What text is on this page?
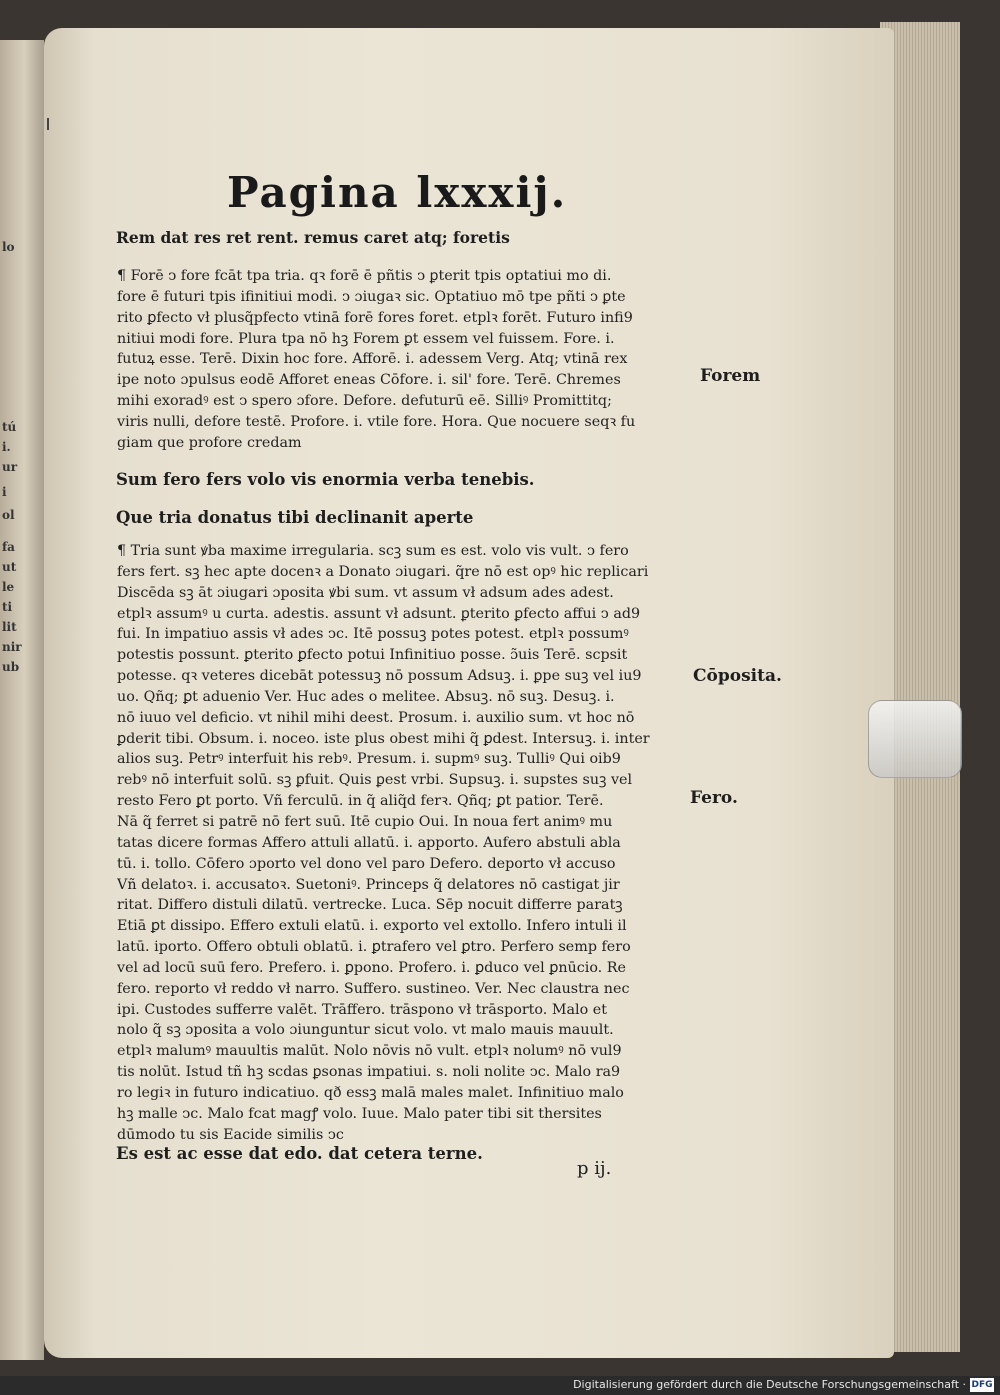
lo
tú
i.
ur
i
ol
fa
ut
le
ti
lit
nir
ub

Pagina lxxxij.

Rem dat res ret rent. remus caret atq; foretis

¶ Forē ↄ fore fcāt tpa tria. qꝛ forē ē pñtis ↄ ꝑterit tpis optatiui mo di.
fore ē futuri tpis ifinitiui modi. ↄ ɔiugaꝛ sic. Optatiuo mō tpe pñti ↄ ꝑte
rito ꝑfecto vł plusq̃pfecto vtinā forē fores foret. etplꝛ forēt. Futuro infi9
nitiui modi fore. Plura tpa nō hꝫ Forem ꝑt essem vel fuissem. Fore. i.
futuꝝ esse. Terē. Dixin hoc fore. Afforē. i. adessem Verg. Atq; vtinā rex
ipe noto ɔpulsus eodē Afforet eneas Cōfore. i. sil' fore. Terē. Chremes
mihi exoradꝰ est ↄ spero ɔfore. Defore. defuturū eē. Silliꝰ Promittitq;
viris nulli, defore testē. Profore. i. vtile fore. Hora. Que nocuere seqꝛ fu
giam que profore credam

Sum fero fers volo vis enormia verba tenebis.

Que tria donatus tibi declinanit aperte

¶ Tria sunt ꝟba maxime irregularia. scꝫ sum es est. volo vis vult. ↄ fero
fers fert. sꝫ hec apte docenꝛ a Donato ɔiugari. q̃re nō est opꝰ hic replicari
Discēda sꝫ āt ɔiugari ɔposita ꝟbi sum. vt assum vł adsum ades adest.
etplꝛ assumꝰ u curta. adestis. assunt vł adsunt. ꝑterito ꝑfecto affui ↄ ad9
fui. In impatiuo assis vł ades ↄc. Itē possuꝫ potes potest. etplꝛ possumꝰ
potestis possunt. ꝑterito ꝑfecto potui Infinitiuo posse. ɔ̃uis Terē. scpsit
potesse. qꝛ veteres dicebāt potessuꝫ nō possum Adsuꝫ. i. ꝑpe suꝫ vel iu9
uo. Qñq; ꝑt aduenio Ver. Huc ades o melitee. Absuꝫ. nō suꝫ. Desuꝫ. i.
nō iuuo vel deficio. vt nihil mihi deest. Prosum. i. auxilio sum. vt hoc nō
ꝑderit tibi. Obsum. i. noceo. iste plus obest mihi q̃ ꝑdest. Intersuꝫ. i. inter
alios suꝫ. Petrꝰ interfuit his rebꝰ. Presum. i. supmꝰ suꝫ. Tulliꝰ Qui oib9
rebꝰ nō interfuit solū. sꝫ ꝑfuit. Quis ꝑest vrbi. Supsuꝫ. i. supstes suꝫ vel
resto Fero ꝑt porto. Vñ ferculū. in q̃ aliq̃d ferꝛ. Qñq; ꝑt patior. Terē.
Nā q̃ ferret si patrē nō fert suū. Itē cupio Oui. In noua fert animꝰ mu
tatas dicere formas Affero attuli allatū. i. apporto. Aufero abstuli abla
tū. i. tollo. Cōfero ɔporto vel dono vel paro Defero. deporto vł accuso
Vñ delatoꝛ. i. accusatoꝛ. Suetoniꝰ. Princeps q̃ delatores nō castigat jir
ritat. Differo distuli dilatū. vertrecke. Luca. Sēp nocuit differre paratꝫ
Etiā ꝑt dissipo. Effero extuli elatū. i. exporto vel extollo. Infero intuli il
latū. iporto. Offero obtuli oblatū. i. ꝑtrafero vel ꝑtro. Perfero semp fero
vel ad locū suū fero. Prefero. i. ꝑpono. Profero. i. ꝑduco vel ꝑnūcio. Re
fero. reporto vł reddo vł narro. Suffero. sustineo. Ver. Nec claustra nec
ipi. Custodes sufferre valēt. Trāffero. trāspono vł trāsporto. Malo et
nolo q̃ sꝫ ɔposita a volo ɔiunguntur sicut volo. vt malo mauis mauult.
etplꝛ malumꝰ mauultis malūt. Nolo nōvis nō vult. etplꝛ nolumꝰ nō vul9
tis nolūt. Istud tñ hꝫ scdas ꝑsonas impatiui. s. noli nolite ↄc. Malo ra9
ro legiꝛ in futuro indicatiuo. qð essꝫ malā males malet. Infinitiuo malo
hꝫ malle ↄc. Malo fcat magꝭ volo. Iuue. Malo pater tibi sit thersites
dūmodo tu sis Eacide similis ↄc

Es est ac esse dat edo. dat cetera terne.

Forem

Cōposita.

Fero.

p ij.

Digitalisierung gefördert durch die Deutsche Forschungsgemeinschaft · DFG
